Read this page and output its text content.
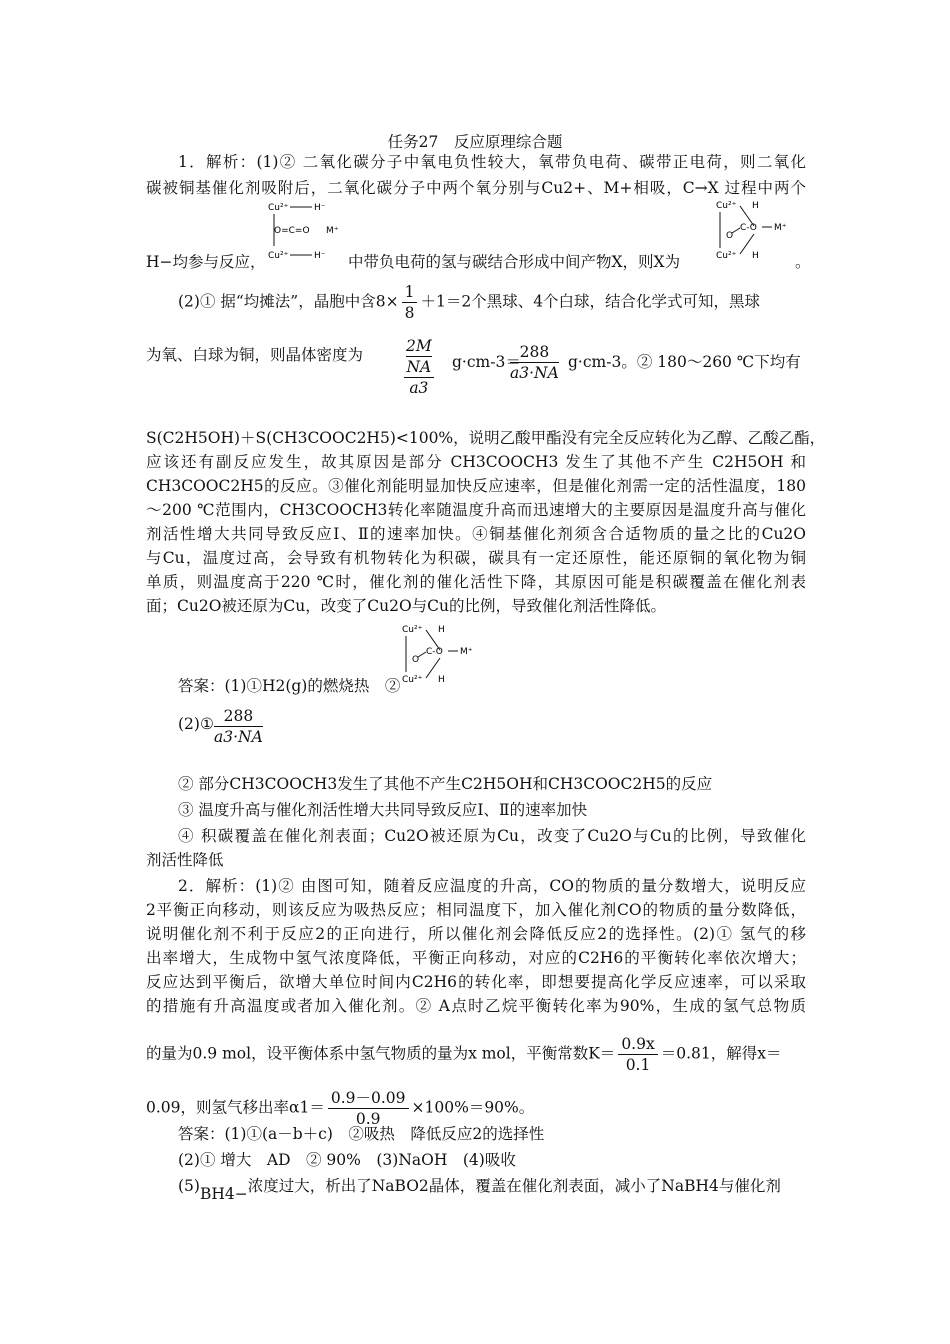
任务27　反应原理综合题
1．解析：(1)② 二氧化碳分子中氧电负性较大，氧带负电荷、碳带正电荷，则二氧化
碳被铜基催化剂吸附后，二氧化碳分子中两个氧分别与Cu2+、M+相吸，C→X 过程中两个
Cu²⁺	H⁻
O=C=O M⁺
Cu²⁺	H⁻
Cu²⁺ H
O
C-O M⁺
Cu²⁺ H
H−均参与反应，	中带负电荷的氢与碳结合形成中间产物X，则X为	。
(2)① 据“均摊法”，晶胞中含$8\times \frac{1}{8} +1=2$个黑球、4个白球，结合化学式可知，黑球
为氧、白球为铜，则晶体密度为	2M
NA
a3
g·cm-3＝
$\frac{288}{a3\cdot NA} g\cdot cm-3$。② 180～260 ℃下均有
S(C2H5OH)＋S(CH3COOC2H5)<100%，说明乙酸甲酯没有完全反应转化为乙醇、乙酸乙酯，
应该还有副反应发生，故其原因是部分 CH3COOCH3 发生了其他不产生 C2H5OH 和
CH3COOC2H5的反应。③催化剂能明显加快反应速率，但是催化剂需一定的活性温度，180
～200 ℃范围内，CH3COOCH3转化率随温度升高而迅速增大的主要原因是温度升高与催化
剂活性增大共同导致反应Ⅰ、Ⅱ的速率加快。④铜基催化剂须含合适物质的量之比的Cu2O
与Cu，温度过高，会导致有机物转化为积碳，碳具有一定还原性，能还原铜的氧化物为铜
单质，则温度高于220 ℃时，催化剂的催化活性下降，其原因可能是积碳覆盖在催化剂表
面；Cu2O被还原为Cu，改变了Cu2O与Cu的比例，导致催化剂活性降低。
Cu²⁺ H
O
C-O M⁺
Cu²⁺ H
答案：(1)①H2(g)的燃烧热　②
(2)① $\frac{288}{a3\cdot NA}$
② 部分CH3COOCH3发生了其他不产生C2H5OH和CH3COOC2H5的反应
③ 温度升高与催化剂活性增大共同导致反应Ⅰ、Ⅱ的速率加快
④ 积碳覆盖在催化剂表面；Cu2O被还原为Cu，改变了Cu2O与Cu的比例，导致催化
剂活性降低
2．解析：(1)② 由图可知，随着反应温度的升高，CO的物质的量分数增大，说明反应
2平衡正向移动，则该反应为吸热反应；相同温度下，加入催化剂CO的物质的量分数降低，
说明催化剂不利于反应2的正向进行，所以催化剂会降低反应2的选择性。(2)① 氢气的移
出率增大，生成物中氢气浓度降低，平衡正向移动，对应的C2H6的平衡转化率依次增大；
反应达到平衡后，欲增大单位时间内C2H6的转化率，即想要提高化学反应速率，可以采取
的措施有升高温度或者加入催化剂。② A点时乙烷平衡转化率为90%，生成的氢气总物质
的量为0.9 mol，设平衡体系中氢气物质的量为x mol，平衡常数$K= \frac{0.9x}{0.1} =0.81$，解得x＝
0.09，则氢气移出率$\alpha 1= \frac{0.9-0.09}{0.9} \times 100\%=90\%$。
答案：(1)①(a－b＋c)　②吸热　降低反应2的选择性
(2)① 增大　AD　② 90%　(3)NaOH　(4)吸收
(5)BH4−浓度过大，析出了NaBO2晶体，覆盖在催化剂表面，减小了NaBH4与催化剂
